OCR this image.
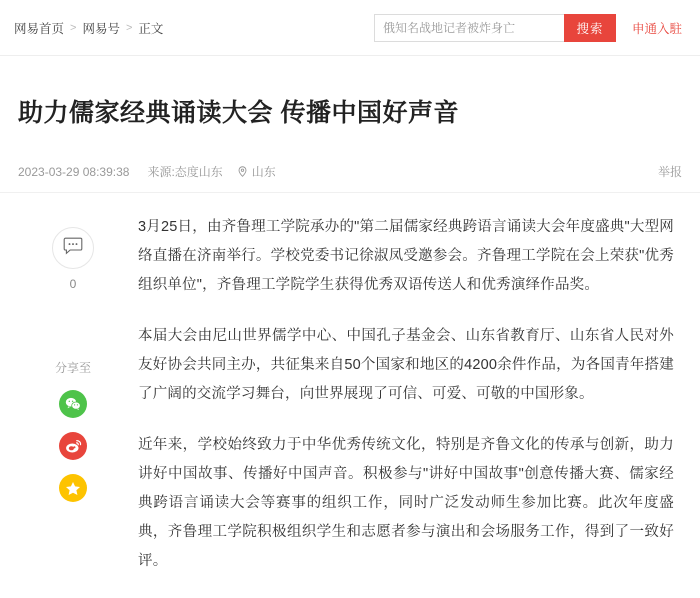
网易首页 > 网易号 > 正文
俄知名战地记者被炸身亡	搜索	申通入駐
助力儒家经典诵读大会 传播中国好声音
2023-03-29 08:39:38 来源:态度山东 山东	举报
0
分享至

3月25日，由齐鲁理工学院承办的"第二届儒家经典跨语言诵读大会年度盛典"大型网络直播在济南举行。学校党委书记徐淑凤受邀参会。齐鲁理工学院在会上荣获"优秀组织单位"，齐鲁理工学院学生获得优秀双语传送人和优秀演绎作品奖。

本届大会由尼山世界儒学中心、中国孔子基金会、山东省教育厅、山东省人民对外友好协会共同主办，共征集来自50个国家和地区的4200余件作品，为各国青年搭建了广阔的交流学习舞台，向世界展现了可信、可爱、可敬的中国形象。

近年来，学校始终致力于中华优秀传统文化，特别是齐鲁文化的传承与创新，助力讲好中国故事、传播好中国声音。积极参与"讲好中国故事"创意传播大赛、儒家经典跨语言诵读大会等赛事的组织工作，同时广泛发动师生参加比赛。此次年度盛典，齐鲁理工学院积极组织学生和志愿者参与演出和会场服务工作，得到了一致好评。
